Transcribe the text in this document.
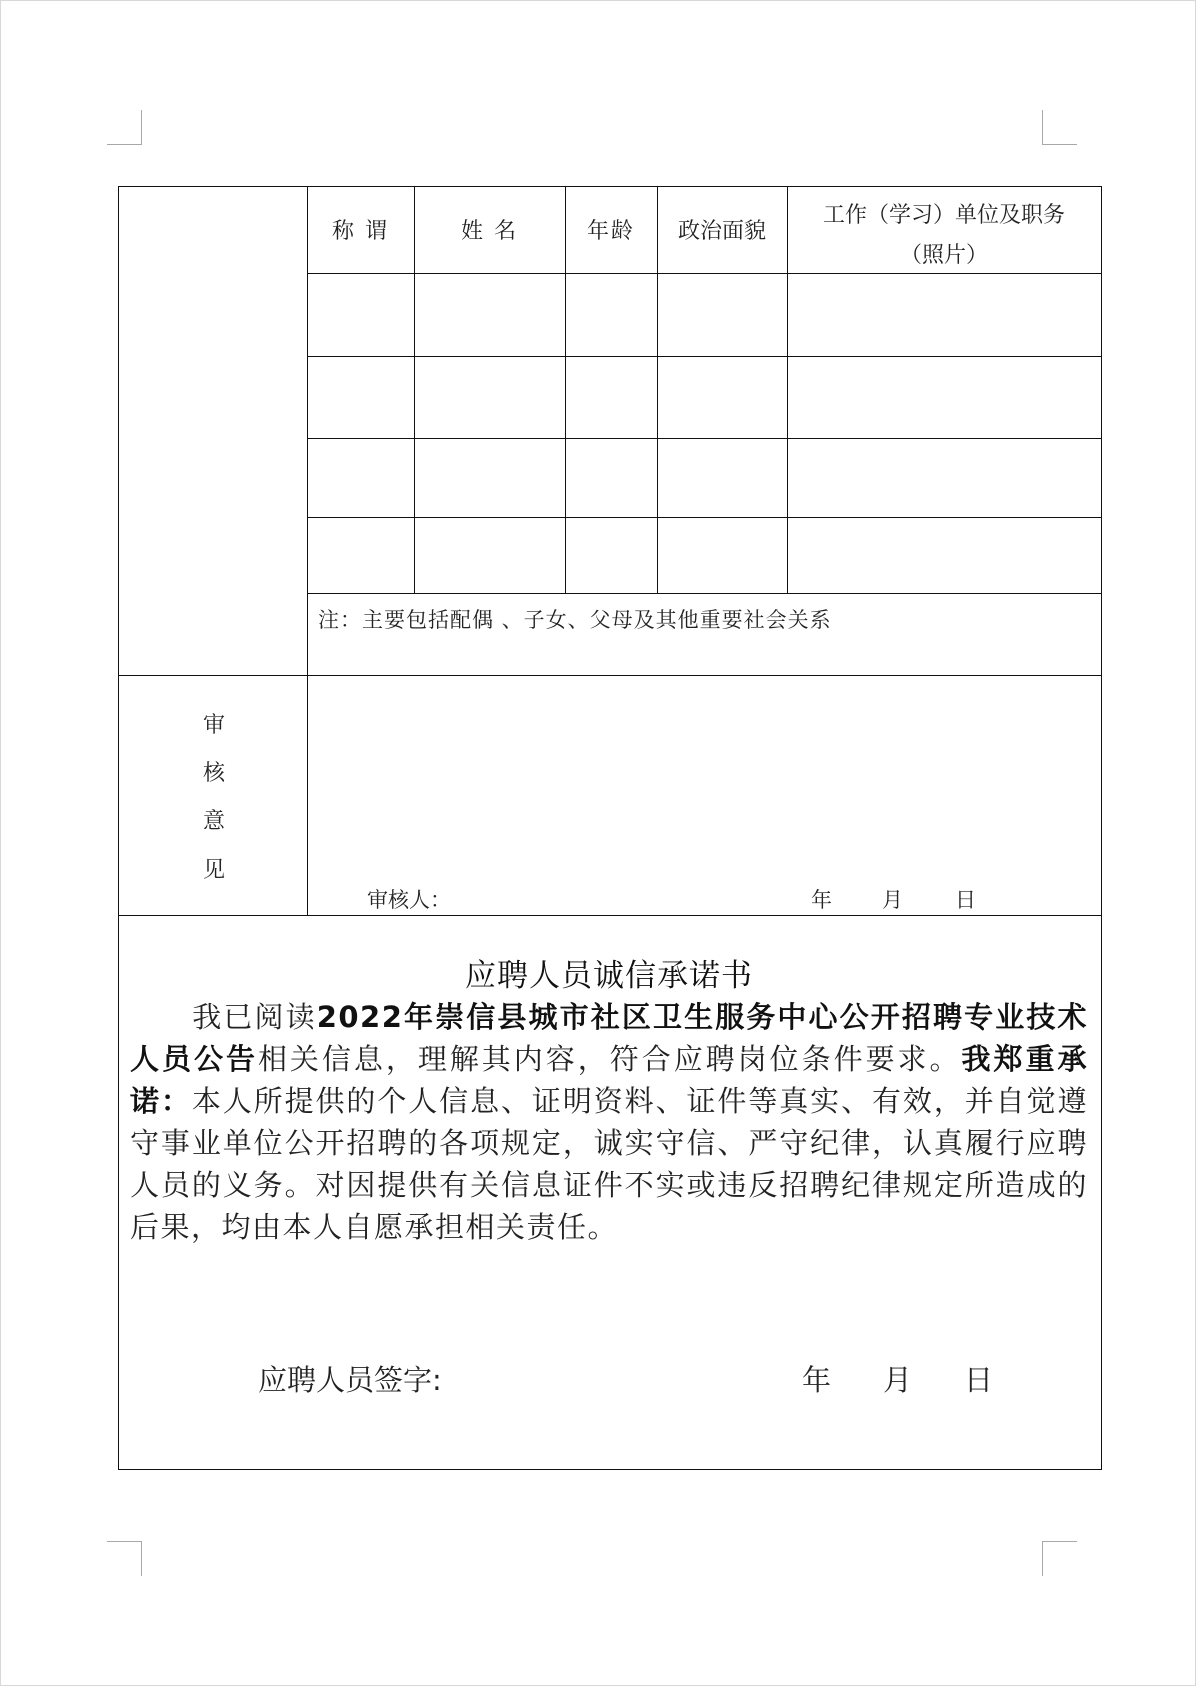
称 谓	姓 名	年龄	政治面貌
工作（学习）单位及职务
（照片）
注：主要包括配偶 、子女、父母及其他重要社会关系
审
核
意
见
审核人：	年 月 日
应聘人员诚信承诺书
　　我已阅读2022年崇信县城市社区卫生服务中心公开招聘专业技术人员公告相关信息，理解其内容，符合应聘岗位条件要求。我郑重承诺：本人所提供的个人信息、证明资料、证件等真实、有效，并自觉遵守事业单位公开招聘的各项规定，诚实守信、严守纪律，认真履行应聘人员的义务。对因提供有关信息证件不实或违反招聘纪律规定所造成的后果，均由本人自愿承担相关责任。
应聘人员签字:	年 月 日
